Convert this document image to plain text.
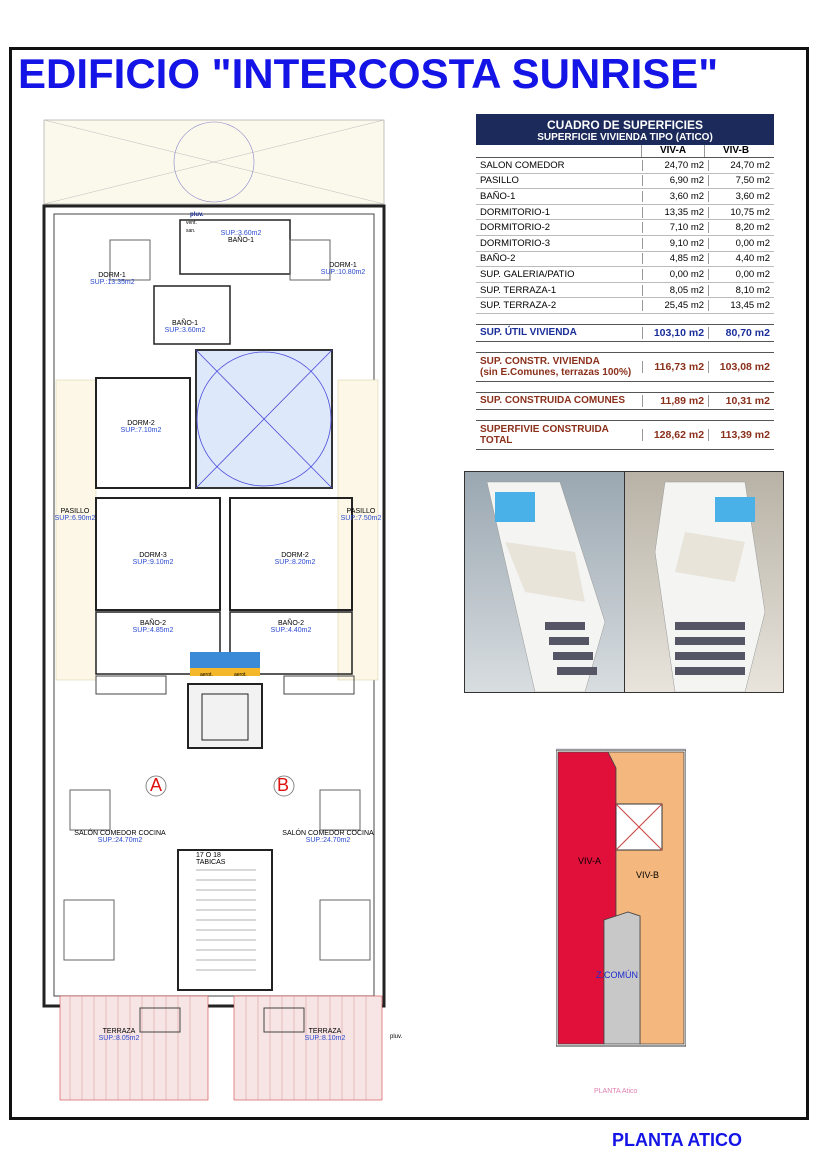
EDIFICIO "INTERCOSTA SUNRISE"
DORM-1
SUP.:13.35m2
DORM-1
SUP.:10.80m2
BAÑO-1
SUP.:3.60m2
SUP.:3.60m2
BAÑO-1
DORM-2
SUP.:7.10m2
PASILLO
SUP.:6.90m2
PASILLO
SUP.:7.50m2
DORM-3
SUP.:9.10m2
DORM-2
SUP.:8.20m2
BAÑO-2
SUP.:4.85m2
BAÑO-2
SUP.:4.40m2
SALÓN COMEDOR COCINA
SUP.:24.70m2
SALÓN COMEDOR COCINA
SUP.:24.70m2
TERRAZA
SUP.:8.05m2
TERRAZA
SUP.:8.10m2
A	B
17 O 18 TABICAS
pluv.
pluv.
vent.
san.
aerot.	aerot.
CUADRO DE SUPERFICIES
SUPERFICIE VIVIENDA TIPO (ATICO)
VIV-A	VIV-B
SALON COMEDOR	24,70 m2	24,70 m2
PASILLO	6,90 m2	7,50 m2
BAÑO-1	3,60 m2	3,60 m2
DORMITORIO-1	13,35 m2	10,75 m2
DORMITORIO-2	7,10 m2	8,20 m2
DORMITORIO-3	9,10 m2	0,00 m2
BAÑO-2	4,85 m2	4,40 m2
SUP. GALERIA/PATIO	0,00 m2	0,00 m2
SUP. TERRAZA-1	8,05 m2	8,10 m2
SUP. TERRAZA-2	25,45 m2	13,45 m2
SUP. ÚTIL VIVIENDA	103,10 m2	80,70 m2
SUP. CONSTR. VIVIENDA
(sin E.Comunes, terrazas 100%)	116,73 m2	103,08 m2
SUP. CONSTRUIDA COMUNES	11,89 m2	10,31 m2
SUPERFIVIE CONSTRUIDA
TOTAL	128,62 m2	113,39 m2
VIV-A
VIV-B
Z.COMÚN
PLANTA Atico
PLANTA ATICO
